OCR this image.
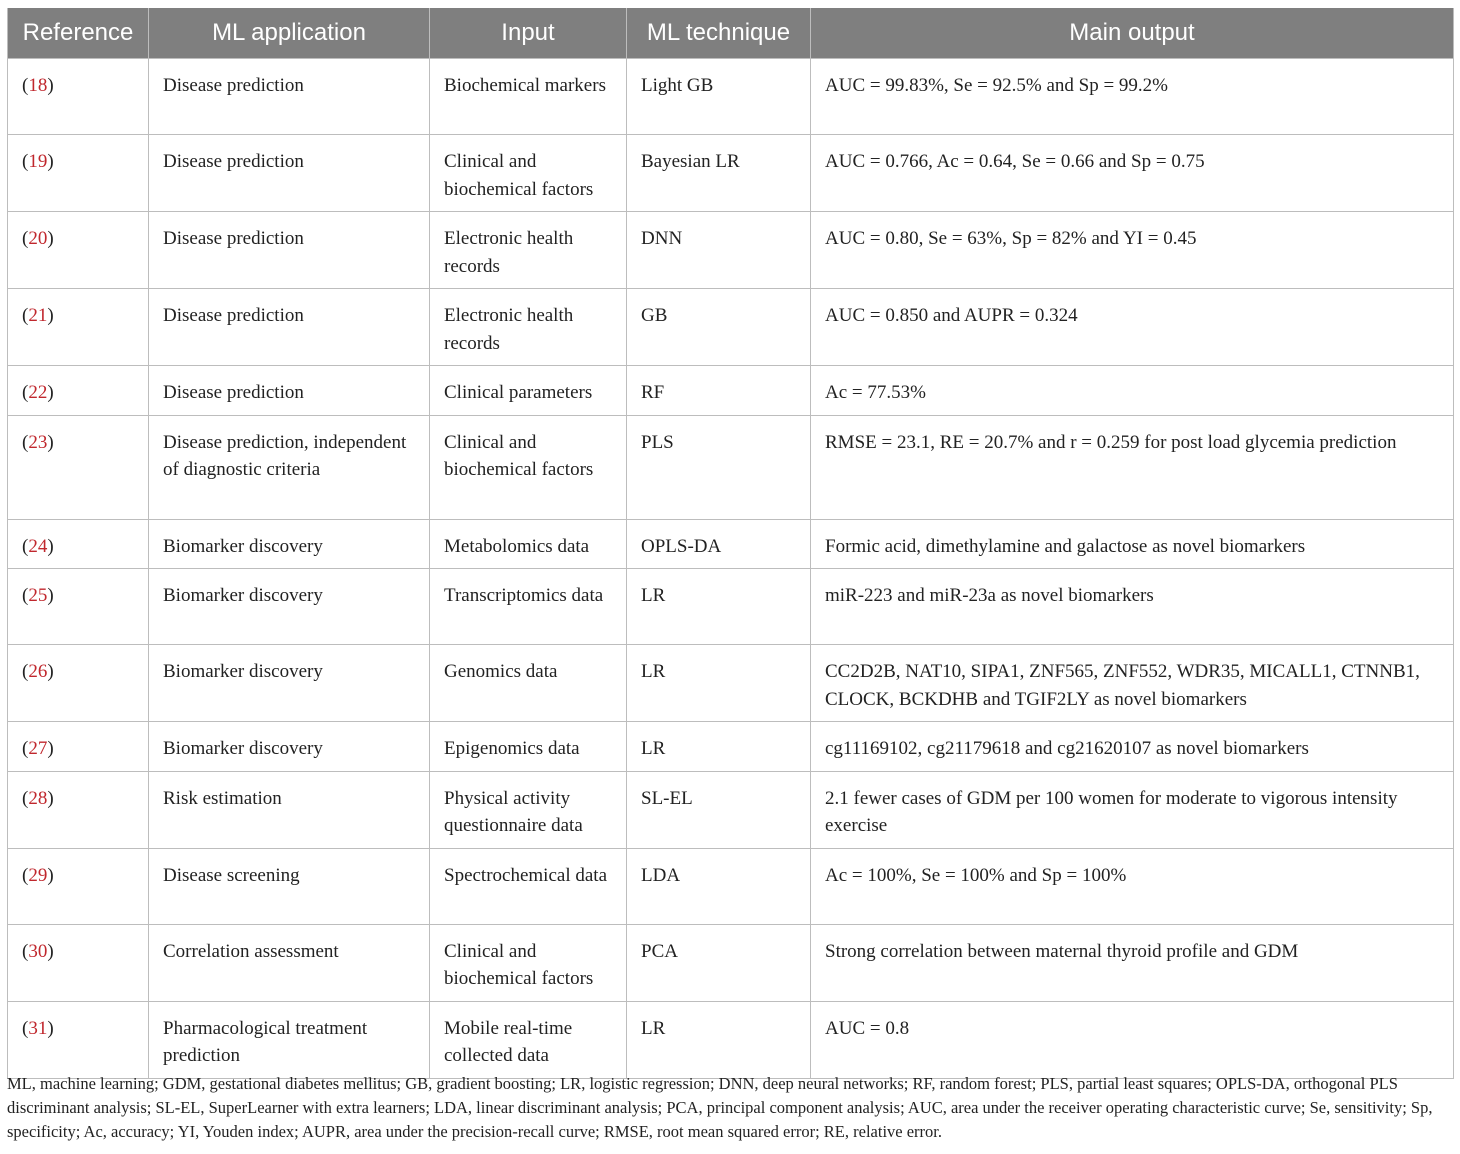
Reference	ML application	Input	ML technique	Main output
(18)	Disease prediction	Biochemical markers	Light GB	AUC = 99.83%, Se = 92.5% and Sp = 99.2%
(19)	Disease prediction	Clinical and biochemical factors	Bayesian LR	AUC = 0.766, Ac = 0.64, Se = 0.66 and Sp = 0.75
(20)	Disease prediction	Electronic health records	DNN	AUC = 0.80, Se = 63%, Sp = 82% and YI = 0.45
(21)	Disease prediction	Electronic health records	GB	AUC = 0.850 and AUPR = 0.324
(22)	Disease prediction	Clinical parameters	RF	Ac = 77.53%
(23)	Disease prediction, independent of diagnostic criteria	Clinical and biochemical factors	PLS	RMSE = 23.1, RE = 20.7% and r = 0.259 for post load glycemia prediction
(24)	Biomarker discovery	Metabolomics data	OPLS-DA	Formic acid, dimethylamine and galactose as novel biomarkers
(25)	Biomarker discovery	Transcriptomics data	LR	miR-223 and miR-23a as novel biomarkers
(26)	Biomarker discovery	Genomics data	LR	CC2D2B, NAT10, SIPA1, ZNF565, ZNF552, WDR35, MICALL1, CTNNB1, CLOCK, BCKDHB and TGIF2LY as novel biomarkers
(27)	Biomarker discovery	Epigenomics data	LR	cg11169102, cg21179618 and cg21620107 as novel biomarkers
(28)	Risk estimation	Physical activity questionnaire data	SL-EL	2.1 fewer cases of GDM per 100 women for moderate to vigorous intensity exercise
(29)	Disease screening	Spectrochemical data	LDA	Ac = 100%, Se = 100% and Sp = 100%
(30)	Correlation assessment	Clinical and biochemical factors	PCA	Strong correlation between maternal thyroid profile and GDM
(31)	Pharmacological treatment prediction	Mobile real-time collected data	LR	AUC = 0.8
ML, machine learning; GDM, gestational diabetes mellitus; GB, gradient boosting; LR, logistic regression; DNN, deep neural networks; RF, random forest; PLS, partial least squares; OPLS-DA, orthogonal PLS discriminant analysis; SL-EL, SuperLearner with extra learners; LDA, linear discriminant analysis; PCA, principal component analysis; AUC, area under the receiver operating characteristic curve; Se, sensitivity; Sp, specificity; Ac, accuracy; YI, Youden index; AUPR, area under the precision-recall curve; RMSE, root mean squared error; RE, relative error.
